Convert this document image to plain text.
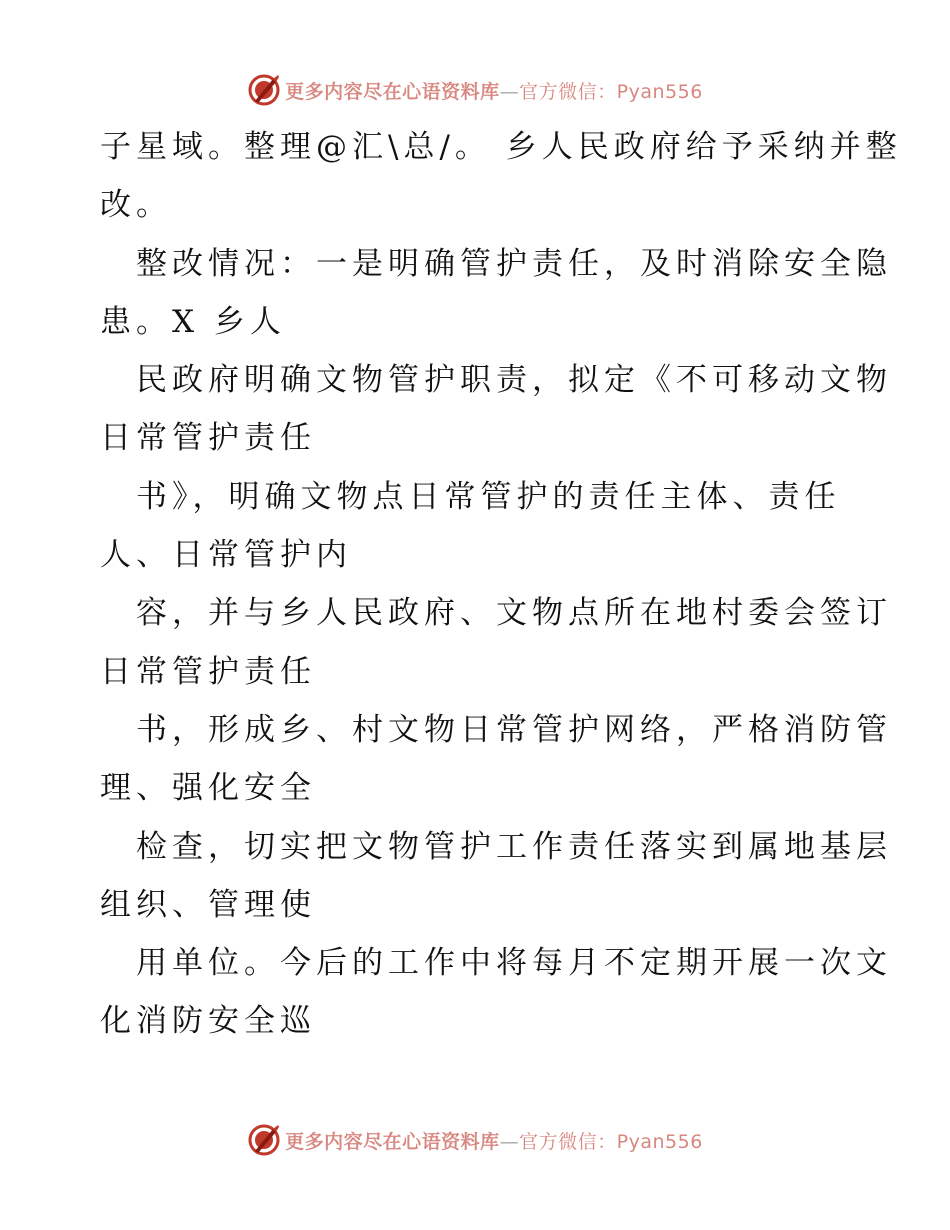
更多内容尽在心语资料库—官方微信：Pyan556
子星域。整理@汇\总/。 乡人民政府给予采纳并整
改。
整改情况：一是明确管护责任，及时消除安全隐
患。X 乡人
民政府明确文物管护职责，拟定《不可移动文物
日常管护责任
书》，明确文物点日常管护的责任主体、责任
人、日常管护内
容，并与乡人民政府、文物点所在地村委会签订
日常管护责任
书，形成乡、村文物日常管护网络，严格消防管
理、强化安全
检查，切实把文物管护工作责任落实到属地基层
组织、管理使
用单位。今后的工作中将每月不定期开展一次文
化消防安全巡
更多内容尽在心语资料库—官方微信：Pyan556
